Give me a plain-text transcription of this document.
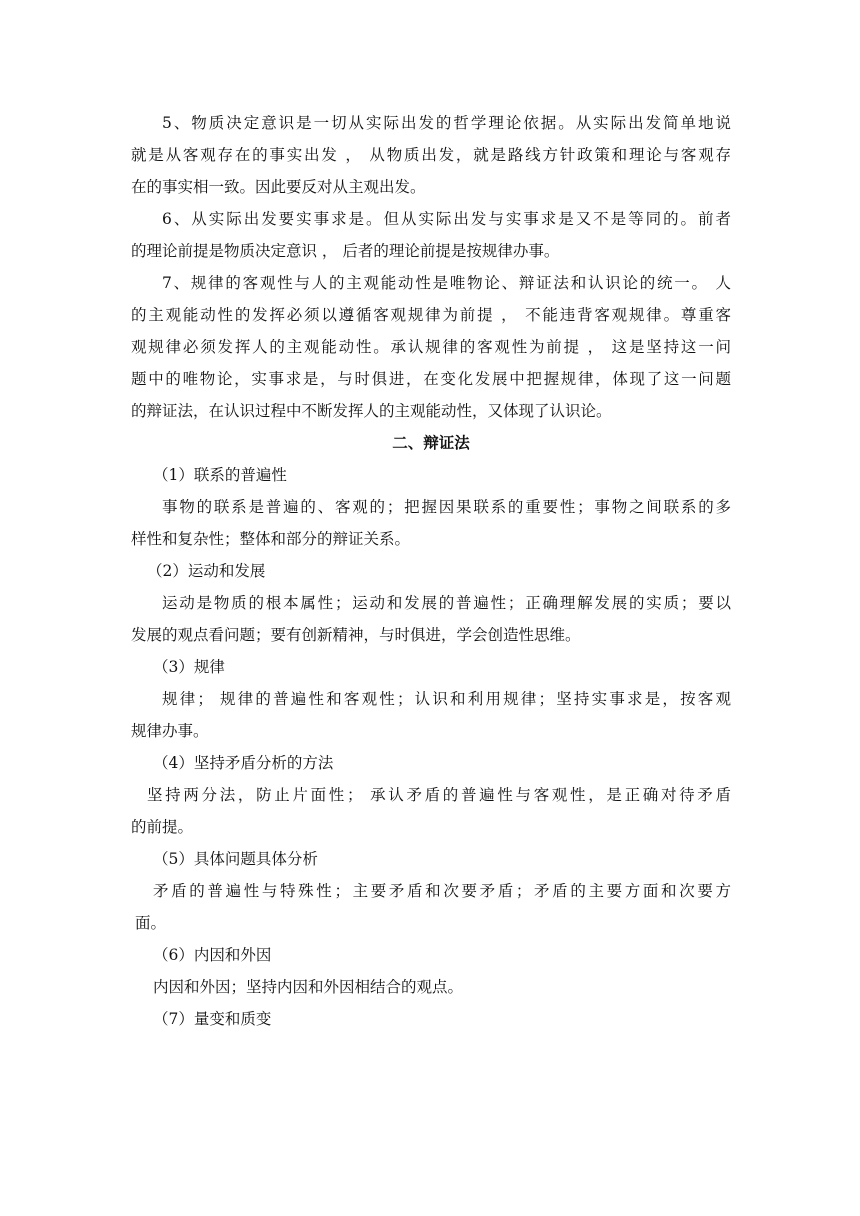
5、物质决定意识是一切从实际出发的哲学理论依据。从实际出发简单地说
就是从客观存在的事实出发 ， 从物质出发，就是路线方针政策和理论与客观存
在的事实相一致。因此要反对从主观出发。
6、从实际出发要实事求是。但从实际出发与实事求是又不是等同的。前者
的理论前提是物质决定意识 ， 后者的理论前提是按规律办事。
7、规律的客观性与人的主观能动性是唯物论、辩证法和认识论的统一。 人
的主观能动性的发挥必须以遵循客观规律为前提 ， 不能违背客观规律。尊重客
观规律必须发挥人的主观能动性。承认规律的客观性为前提 ， 这是坚持这一问
题中的唯物论，实事求是，与时俱进，在变化发展中把握规律，体现了这一问题
的辩证法，在认识过程中不断发挥人的主观能动性，又体现了认识论。
二、辩证法
（1）联系的普遍性
事物的联系是普遍的、客观的；把握因果联系的重要性；事物之间联系的多
样性和复杂性；整体和部分的辩证关系。
（2）运动和发展
运动是物质的根本属性；运动和发展的普遍性；正确理解发展的实质；要以
发展的观点看问题；要有创新精神，与时俱进，学会创造性思维。
（3）规律
规律； 规律的普遍性和客观性；认识和利用规律；坚持实事求是，按客观
规律办事。
（4）坚持矛盾分析的方法
坚持两分法，防止片面性； 承认矛盾的普遍性与客观性，是正确对待矛盾
的前提。
（5）具体问题具体分析
矛盾的普遍性与特殊性；主要矛盾和次要矛盾；矛盾的主要方面和次要方
面。
（6）内因和外因
内因和外因；坚持内因和外因相结合的观点。
（7）量变和质变
